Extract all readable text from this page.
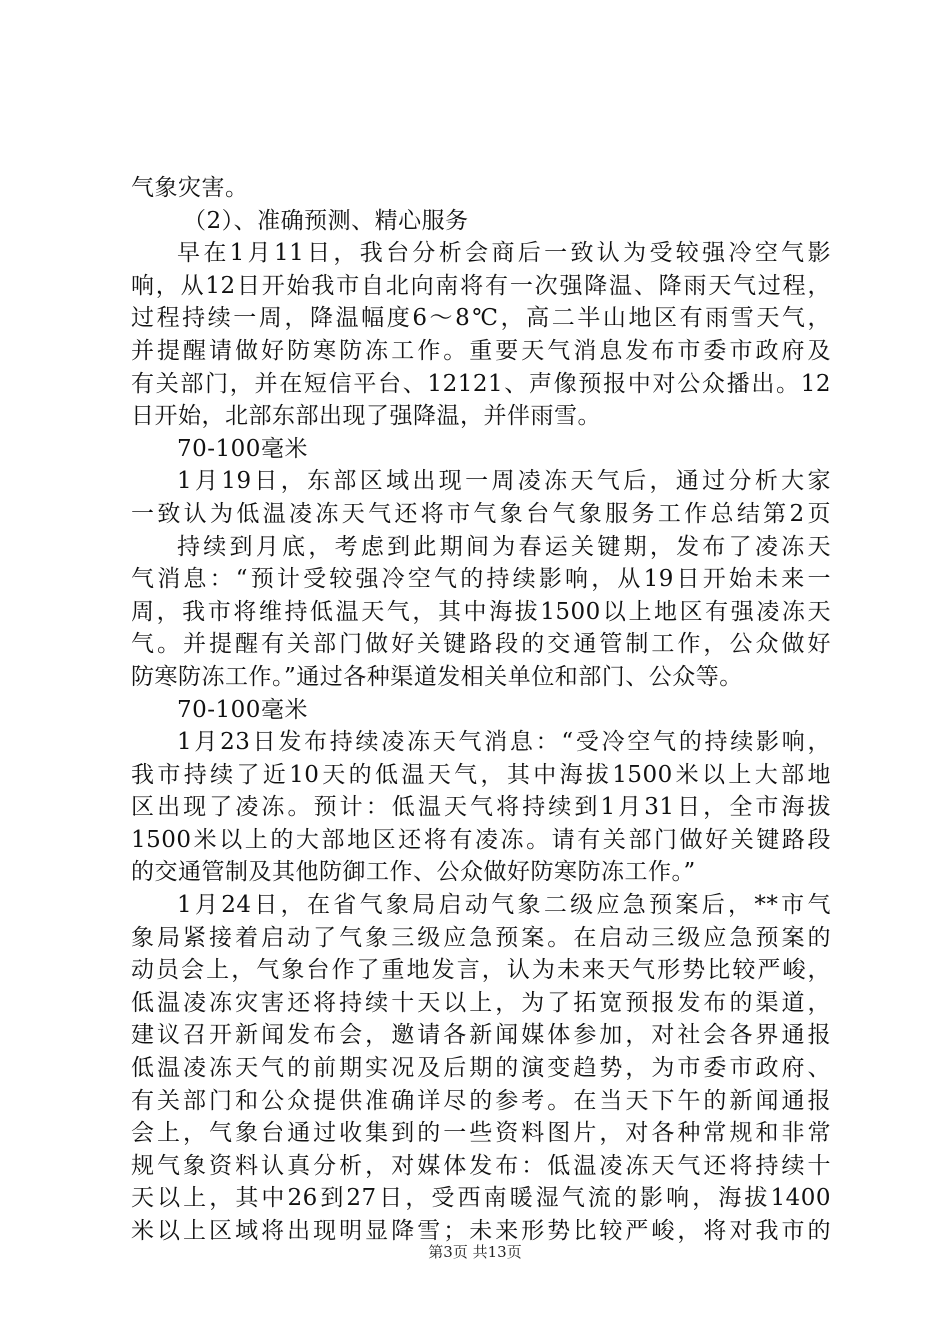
气象灾害。
（2）、准确预测、精心服务
早在1月11日，我台分析会商后一致认为受较强冷空气影
响，从12日开始我市自北向南将有一次强降温、降雨天气过程，
过程持续一周，降温幅度6～8℃，高二半山地区有雨雪天气，
并提醒请做好防寒防冻工作。重要天气消息发布市委市政府及
有关部门，并在短信平台、12121、声像预报中对公众播出。12
日开始，北部东部出现了强降温，并伴雨雪。
70-100毫米
1月19日，东部区域出现一周凌冻天气后，通过分析大家
一致认为低温凌冻天气还将市气象台气象服务工作总结第2页
持续到月底，考虑到此期间为春运关键期，发布了凌冻天
气消息：“预计受较强冷空气的持续影响，从19日开始未来一
周，我市将维持低温天气，其中海拔1500以上地区有强凌冻天
气。并提醒有关部门做好关键路段的交通管制工作，公众做好
防寒防冻工作。”通过各种渠道发相关单位和部门、公众等。
70-100毫米
1月23日发布持续凌冻天气消息：“受冷空气的持续影响，
我市持续了近10天的低温天气，其中海拔1500米以上大部地
区出现了凌冻。预计：低温天气将持续到1月31日，全市海拔
1500米以上的大部地区还将有凌冻。请有关部门做好关键路段
的交通管制及其他防御工作、公众做好防寒防冻工作。”
1月24日，在省气象局启动气象二级应急预案后，**市气
象局紧接着启动了气象三级应急预案。在启动三级应急预案的
动员会上，气象台作了重地发言，认为未来天气形势比较严峻，
低温凌冻灾害还将持续十天以上，为了拓宽预报发布的渠道，
建议召开新闻发布会，邀请各新闻媒体参加，对社会各界通报
低温凌冻天气的前期实况及后期的演变趋势，为市委市政府、
有关部门和公众提供准确详尽的参考。在当天下午的新闻通报
会上，气象台通过收集到的一些资料图片，对各种常规和非常
规气象资料认真分析，对媒体发布：低温凌冻天气还将持续十
天以上，其中26到27日，受西南暖湿气流的影响，海拔1400
米以上区域将出现明显降雪；未来形势比较严峻，将对我市的
第3页 共13页
